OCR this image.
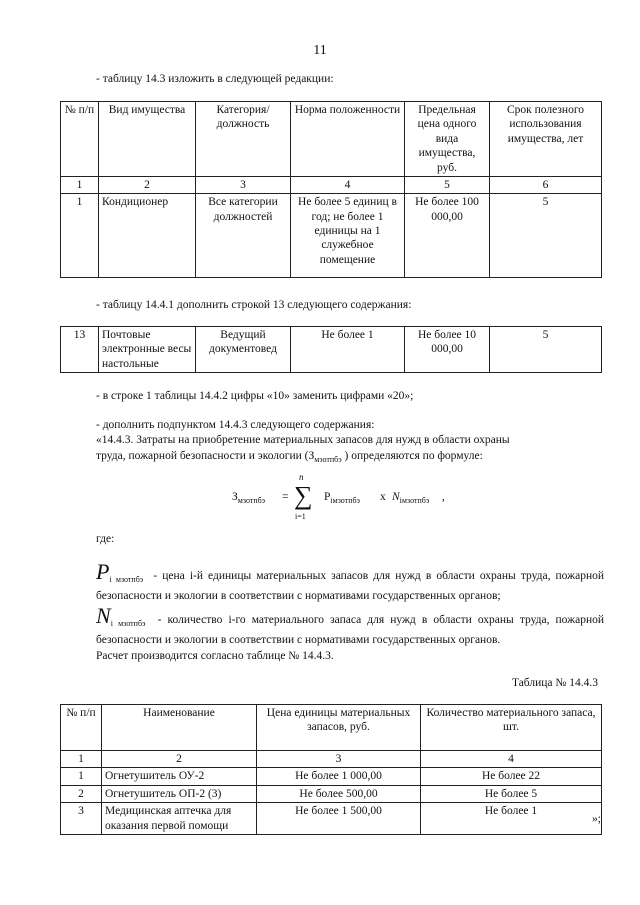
11
- таблицу 14.3 изложить в следующей редакции:
№ п/п	Вид имущества	Категория/ должность	Норма положенности	Предельная цена одного вида имущества, руб.	Срок полезного использования имущества, лет
1	2	3	4	5	6
1	Кондиционер	Все категории должностей	Не более 5 единиц в год; не более 1 единицы на 1 служебное помещение	Не более 100 000,00	5
- таблицу 14.4.1 дополнить строкой 13 следующего содержания:
13	Почтовые электронные весы настольные	Ведущий документовед	Не более 1	Не более 10 000,00	5
- в строке 1 таблицы 14.4.2 цифры «10» заменить цифрами «20»;
- дополнить подпунктом 14.4.3 следующего содержания:
«14.4.3. Затраты на приобретение материальных запасов для нужд в области охраны
труда, пожарной безопасности и экологии ($З_{мзотпбэ}$ ) определяются по формуле:
$З_{мзотпбэ}$ =
n
∑
i=1
$P_{iмзотпбэ}$ х $N_{iмзотпбэ}$ ,
где:
$P_{i мзотпбэ}$ - цена i-й единицы материальных запасов для нужд в области охраны труда, пожарной безопасности и экологии в соответствии с нормативами государственных органов;
$N_{i мзотпбэ}$ - количество i-го материального запаса для нужд в области охраны труда, пожарной безопасности и экологии в соответствии с нормативами государственных органов.
Расчет производится согласно таблице № 14.4.3.
Таблица № 14.4.3
№ п/п	Наименование	Цена единицы материальных запасов, руб.	Количество материального запаса, шт.
1	2	3	4
1	Огнетушитель ОУ-2	Не более 1 000,00	Не более 22
2	Огнетушитель ОП-2 (3)	Не более 500,00	Не более 5
3	Медицинская аптечка для оказания первой помощи	Не более 1 500,00	Не более 1
»;
